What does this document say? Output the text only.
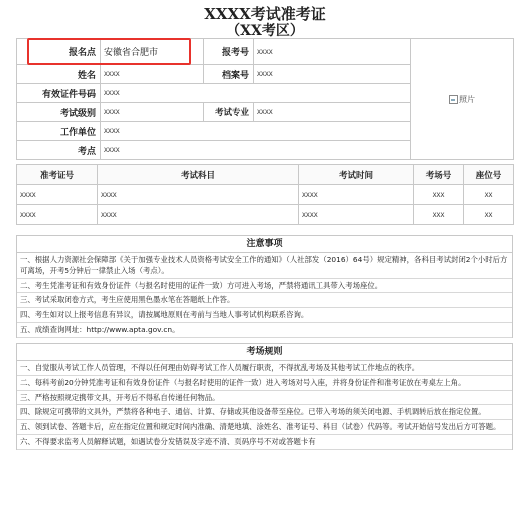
XXXX考试准考证
（XX考区）
报名点	安徽省合肥市	报考号	XXXX	照片
姓名	XXXX	档案号	XXXX	
有效证件号码	XXXX			
考试级别	XXXX	考试专业	XXXX	
工作单位	XXXX			
考点	XXXX			
准考证号	考试科目	考试时间	考场号	座位号
XXXX	XXXX	XXXX	XXX	XX
XXXX	XXXX	XXXX	XXX	XX
注意事项
一、根据人力资源社会保障部《关于加强专业技术人员资格考试安全工作的通知》（人社部发（2016）64号）规定精神，各科目考试封闭2个小时后方可离场，开考5分钟后一律禁止入场（考点）。
二、考生凭准考证和有效身份证件（与报名时使用的证件一致）方可进入考场，严禁将通讯工具带入考场座位。
三、考试采取闭卷方式，考生应使用黑色墨水笔在答题纸上作答。
四、考生如对以上报考信息有异议，请按属地原则在考前与当地人事考试机构联系咨询。
五、成绩查询网址：http://www.apta.gov.cn。
考场规则
一、自觉服从考试工作人员管理，不得以任何理由妨碍考试工作人员履行职责，不得扰乱考场及其他考试工作地点的秩序。
二、每科考前20分钟凭准考证和有效身份证件（与报名时使用的证件一致）进入考场对号入座，并将身份证件和准考证放在考桌左上角。
三、严格按照规定携带文具，开考后不得私自传递任何物品。
四、除规定可携带的文具外，严禁将各种电子、通信、计算、存储或其他设备带至座位。已带入考场的须关闭电源、手机调转后放在指定位置。
五、领到试卷、答题卡后，应在指定位置和规定时间内准确、清楚地填、涂姓名、准考证号、科目（试卷）代码等。考试开始信号发出后方可答题。
六、不得要求监考人员解释试题，如遇试卷分发错误及字迹不清、页码序号不对或答题卡有
